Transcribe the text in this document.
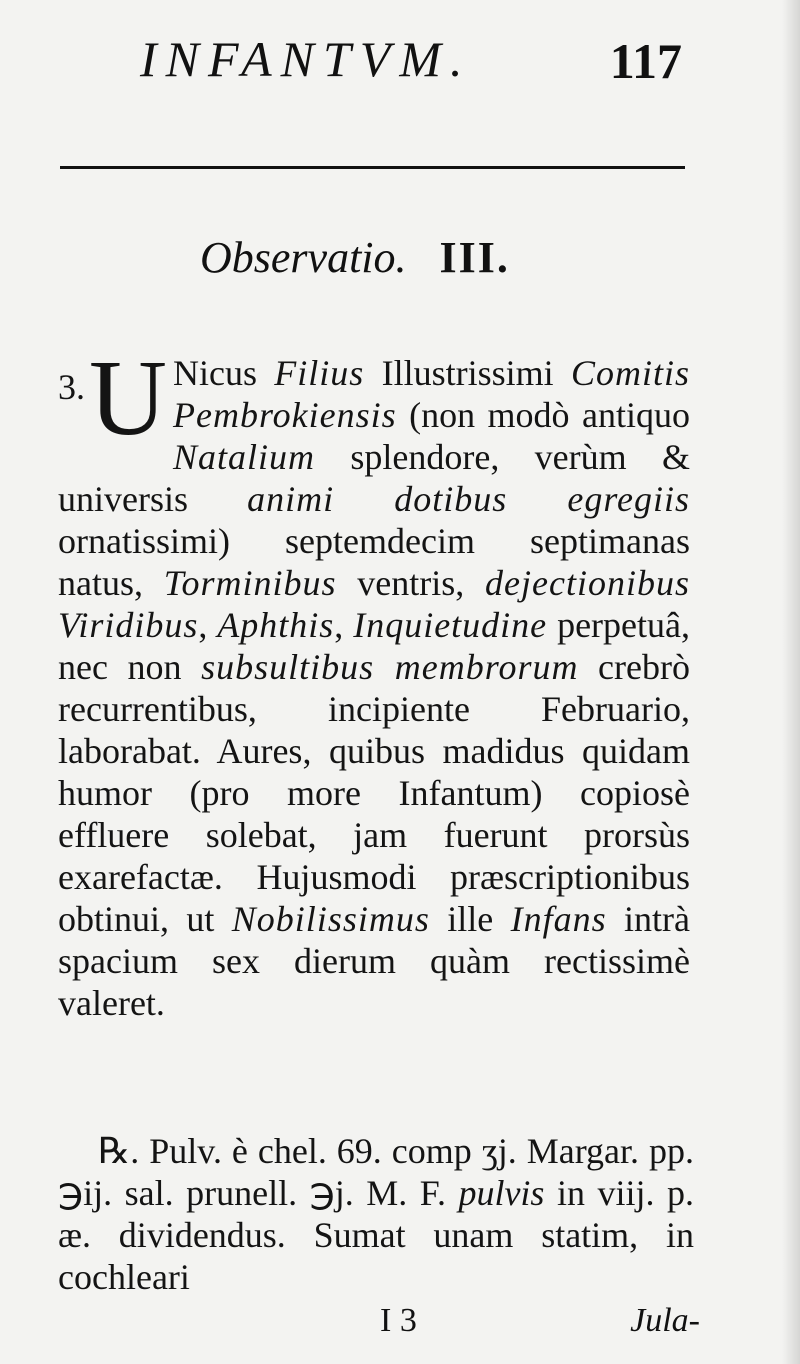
INFANTVM.	117
Observatio. III.
3. U Nicus Filius Illustrissimi Comitis Pembrokiensis (non modò antiquo Natalium splendore, verùm & universis animi dotibus egregiis ornatissimi) septemdecim septimanas natus, Torminibus ventris, dejectionibus Viridibus, Aphthis, Inquietudine perpetuâ, nec non subsultibus membrorum crebrò recurrentibus, incipiente Februario, laborabat. Aures, quibus madidus quidam humor (pro more Infantum) copiosè effluere solebat, jam fuerunt prorsùs exarefactæ. Hujusmodi præscriptionibus obtinui, ut Nobilissimus ille Infans intrà spacium sex dierum quàm rectissimè valeret.
℞. Pulv. è chel. 69. comp ʒj. Margar. pp. ℈ij. sal. prunell. ℈j. M. F. pulvis in viij. p. æ. dividendus. Sumat unam statim, in cochleari
I 3	Jula-
